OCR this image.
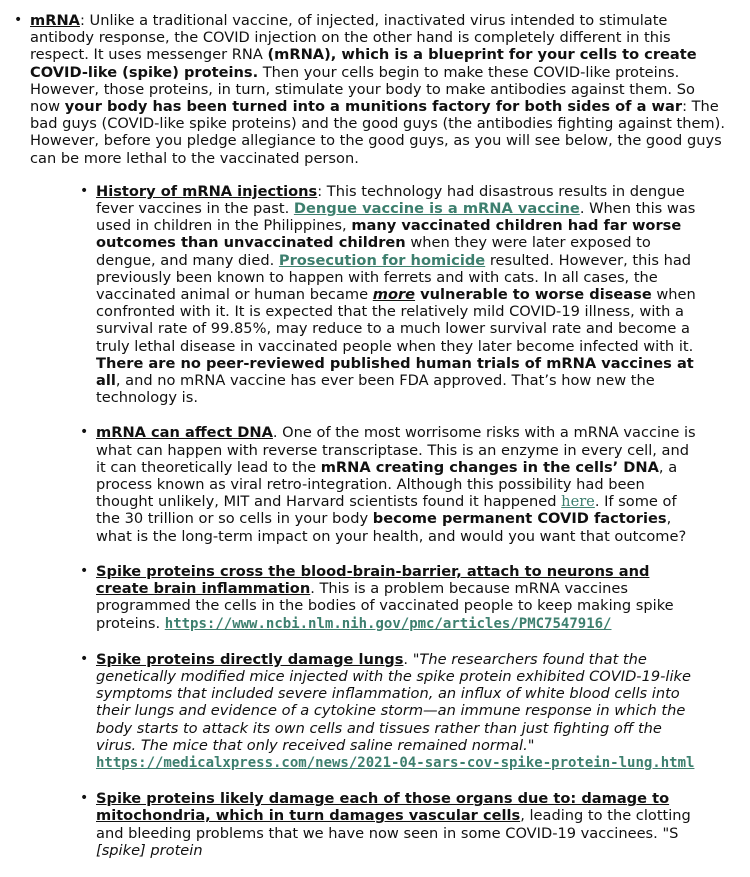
• mRNA: Unlike a traditional vaccine, of injected, inactivated virus intended to stimulate antibody response, the COVID injection on the other hand is completely different in this respect. It uses messenger RNA (mRNA), which is a blueprint for your cells to create COVID-like (spike) proteins. Then your cells begin to make these COVID-like proteins. However, those proteins, in turn, stimulate your body to make antibodies against them. So now your body has been turned into a munitions factory for both sides of a war: The bad guys (COVID-like spike proteins) and the good guys (the antibodies fighting against them). However, before you pledge allegiance to the good guys, as you will see below, the good guys can be more lethal to the vaccinated person.
• History of mRNA injections: This technology had disastrous results in dengue fever vaccines in the past. Dengue vaccine is a mRNA vaccine. When this was used in children in the Philippines, many vaccinated children had far worse outcomes than unvaccinated children when they were later exposed to dengue, and many died. Prosecution for homicide resulted. However, this had previously been known to happen with ferrets and with cats. In all cases, the vaccinated animal or human became more vulnerable to worse disease when confronted with it. It is expected that the relatively mild COVID-19 illness, with a survival rate of 99.85%, may reduce to a much lower survival rate and become a truly lethal disease in vaccinated people when they later become infected with it. There are no peer-reviewed published human trials of mRNA vaccines at all, and no mRNA vaccine has ever been FDA approved. That’s how new the technology is.
• mRNA can affect DNA. One of the most worrisome risks with a mRNA vaccine is what can happen with reverse transcriptase. This is an enzyme in every cell, and it can theoretically lead to the mRNA creating changes in the cells’ DNA, a process known as viral retro-integration. Although this possibility had been thought unlikely, MIT and Harvard scientists found it happened here. If some of the 30 trillion or so cells in your body become permanent COVID factories, what is the long-term impact on your health, and would you want that outcome?
• Spike proteins cross the blood-brain-barrier, attach to neurons and create brain inflammation. This is a problem because mRNA vaccines programmed the cells in the bodies of vaccinated people to keep making spike proteins. https://www.ncbi.nlm.nih.gov/pmc/articles/PMC7547916/
• Spike proteins directly damage lungs. "The researchers found that the genetically modified mice injected with the spike protein exhibited COVID-19-like symptoms that included severe inflammation, an influx of white blood cells into their lungs and evidence of a cytokine storm—an immune response in which the body starts to attack its own cells and tissues rather than just fighting off the virus. The mice that only received saline remained normal." https://medicalxpress.com/news/2021-04-sars-cov-spike-protein-lung.html
• Spike proteins likely damage each of those organs due to: damage to mitochondria, which in turn damages vascular cells, leading to the clotting and bleeding problems that we have now seen in some COVID-19 vaccinees. "S [spike] protein
